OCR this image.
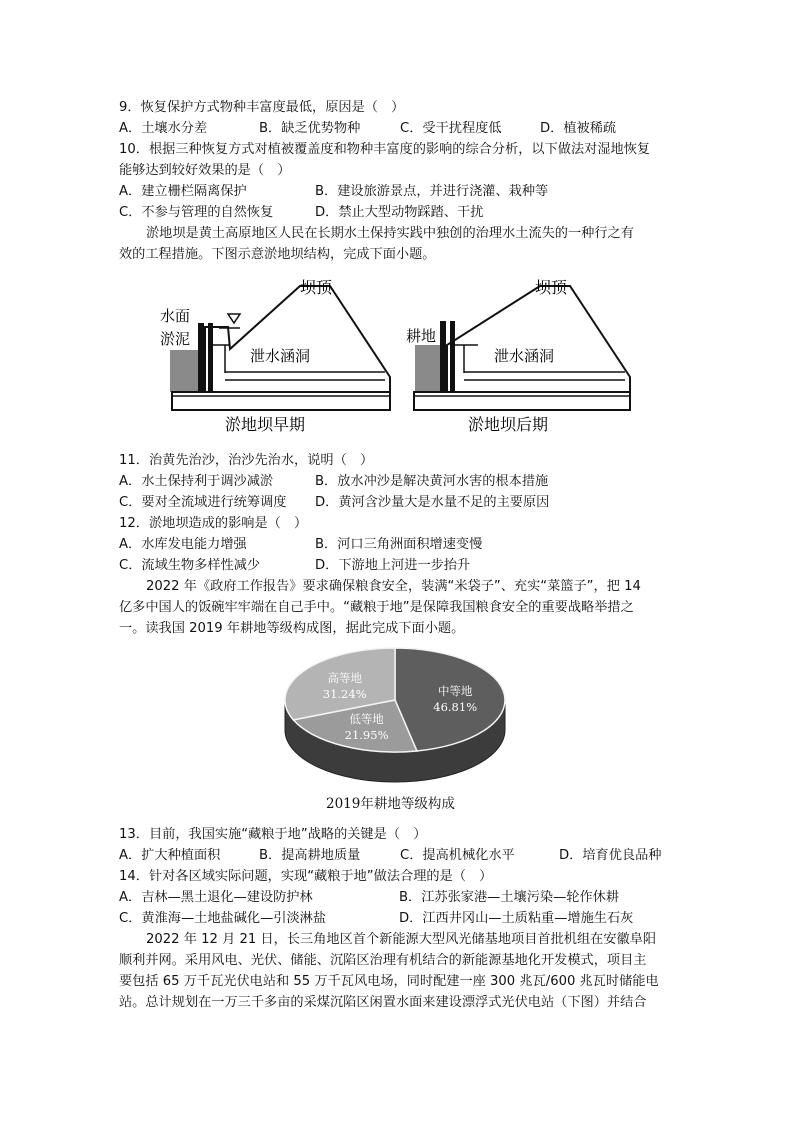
9．恢复保护方式物种丰富度最低，原因是（　）
A．土壤水分差	B．缺乏优势物种	C．受干扰程度低	D．植被稀疏
10．根据三种恢复方式对植被覆盖度和物种丰富度的影响的综合分析，以下做法对湿地恢复
能够达到较好效果的是（　）
A．建立栅栏隔离保护	B．建设旅游景点，并进行浇灌、栽种等
C．不参与管理的自然恢复	D．禁止大型动物踩踏、干扰
淤地坝是黄土高原地区人民在长期水土保持实践中独创的治理水土流失的一种行之有
效的工程措施。下图示意淤地坝结构，完成下面小题。
坝顶
水面
淤泥
泄水涵洞
淤地坝早期
坝顶
耕地
泄水涵洞
淤地坝后期
11．治黄先治沙，治沙先治水，说明（　）
A．水土保持利于调沙减淤	B．放水冲沙是解决黄河水害的根本措施
C．要对全流域进行统筹调度 D．黄河含沙量大是水量不足的主要原因
12．淤地坝造成的影响是（　）
A．水库发电能力增强	B．河口三角洲面积增速变慢
C．流域生物多样性减少	D．下游地上河进一步抬升
2022 年《政府工作报告》要求确保粮食安全，装满“米袋子”、充实“菜篮子”，把 14
亿多中国人的饭碗牢牢端在自己手中。“藏粮于地”是保障我国粮食安全的重要战略举措之
一。读我国 2019 年耕地等级构成图，据此完成下面小题。
中等地
46.81%
低等地
21.95%
高等地
31.24%
2019年耕地等级构成
13．目前，我国实施“藏粮于地”战略的关键是（　）
A．扩大种植面积	B．提高耕地质量	C．提高机械化水平	D．培育优良品种
14．针对各区域实际问题，实现“藏粮于地”做法合理的是（　）
A．吉林—黑土退化—建设防护林	B．江苏张家港—土壤污染—轮作休耕
C．黄淮海—土地盐碱化—引淡淋盐	D．江西井冈山—土质粘重—增施生石灰
2022 年 12 月 21 日，长三角地区首个新能源大型风光储基地项目首批机组在安徽阜阳
顺利并网。采用风电、光伏、储能、沉陷区治理有机结合的新能源基地化开发模式，项目主
要包括 65 万千瓦光伏电站和 55 万千瓦风电场，同时配建一座 300 兆瓦/600 兆瓦时储能电
站。总计规划在一万三千多亩的采煤沉陷区闲置水面来建设漂浮式光伏电站（下图）并结合
